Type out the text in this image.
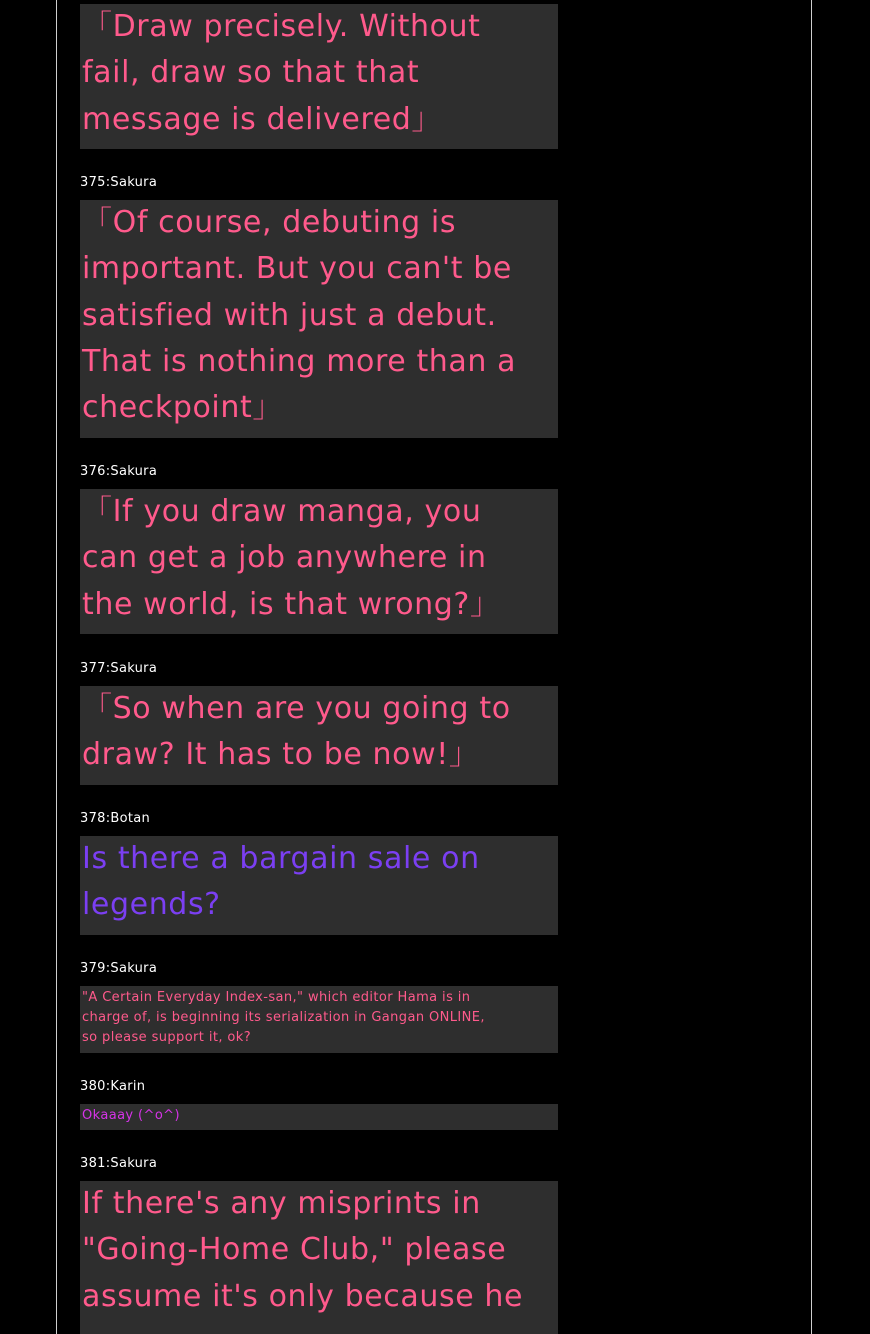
「Draw precisely. Without
fail, draw so that that
message is delivered」
375:Sakura
「Of course, debuting is
important. But you can't be
satisfied with just a debut.
That is nothing more than a
checkpoint」
376:Sakura
「If you draw manga, you
can get a job anywhere in
the world, is that wrong?」
377:Sakura
「So when are you going to
draw? It has to be now!」
378:Botan
Is there a bargain sale on
legends?
379:Sakura
"A Certain Everyday Index-san," which editor Hama is in
charge of, is beginning its serialization in Gangan ONLINE,
so please support it, ok?
380:Karin
Okaaay (^o^)
381:Sakura
If there's any misprints in
"Going-Home Club," please
assume it's only because he
